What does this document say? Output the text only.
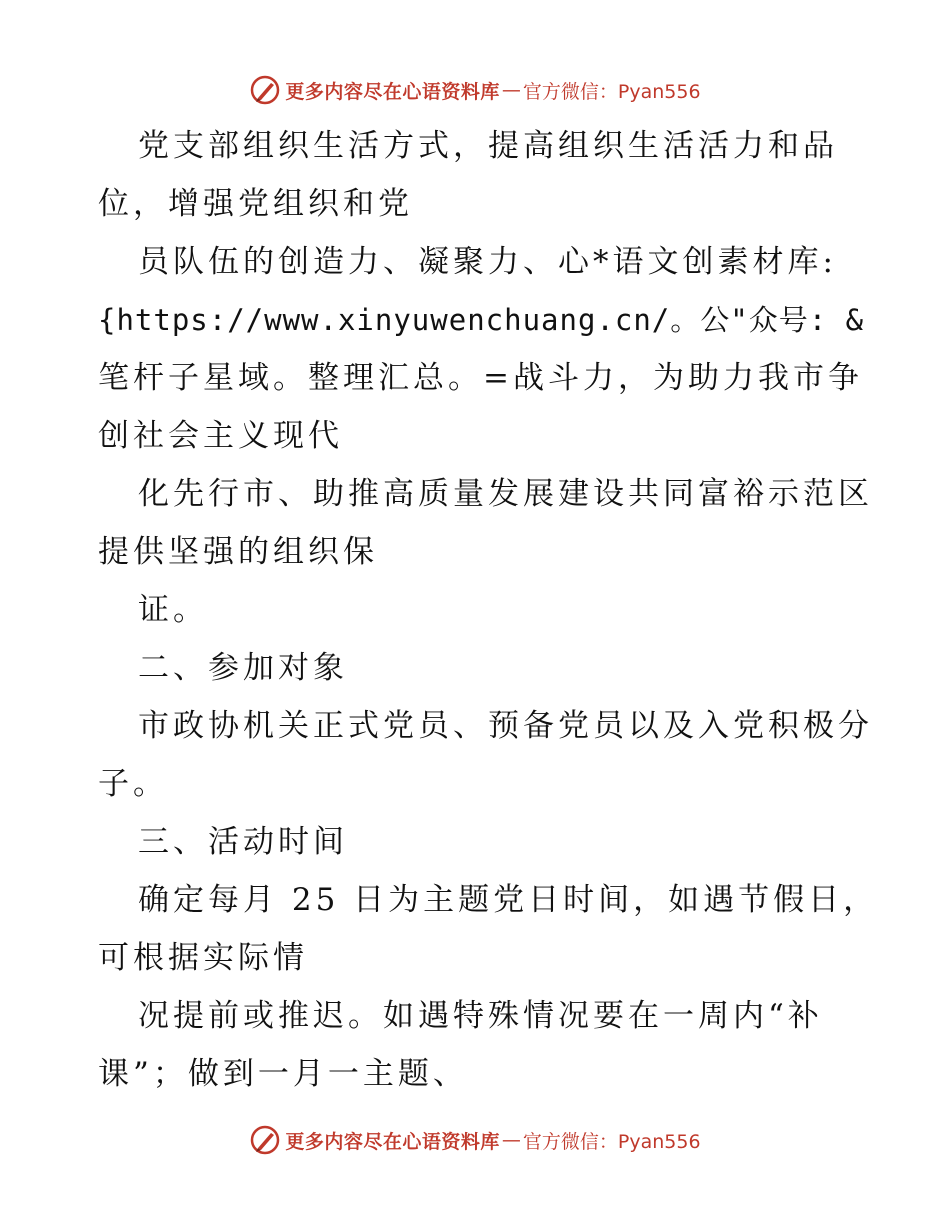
更多内容尽在心语资料库 — 官方微信：Pyan556
党支部组织生活方式，提高组织生活活力和品
位，增强党组织和党
员队伍的创造力、凝聚力、心*语文创素材库:
{https://www.xinyuwenchuang.cn/。公"众号: &
笔杆子星域。整理汇总。=战斗力，为助力我市争
创社会主义现代
化先行市、助推高质量发展建设共同富裕示范区
提供坚强的组织保
证。
二、参加对象
市政协机关正式党员、预备党员以及入党积极分
子。
三、活动时间
确定每月 25 日为主题党日时间，如遇节假日，
可根据实际情
况提前或推迟。如遇特殊情况要在一周内“补
课”；做到一月一主题、
更多内容尽在心语资料库 — 官方微信：Pyan556
